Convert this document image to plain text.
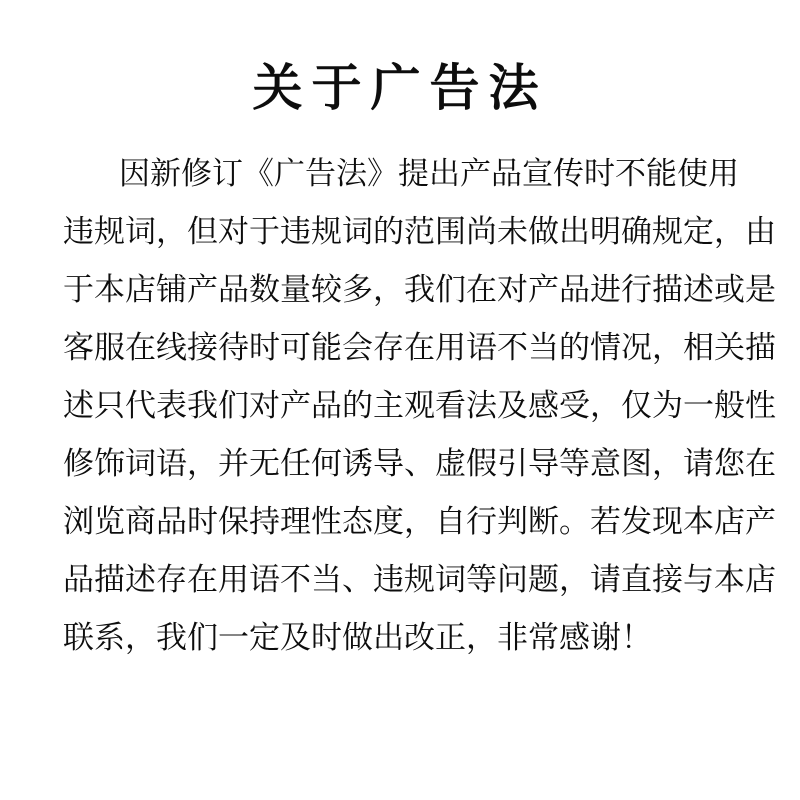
关于广告法
因新修订《广告法》提出产品宣传时不能使用
违规词，但对于违规词的范围尚未做出明确规定，由
于本店铺产品数量较多，我们在对产品进行描述或是
客服在线接待时可能会存在用语不当的情况，相关描
述只代表我们对产品的主观看法及感受，仅为一般性
修饰词语，并无任何诱导、虚假引导等意图，请您在
浏览商品时保持理性态度，自行判断。若发现本店产
品描述存在用语不当、违规词等问题，请直接与本店
联系，我们一定及时做出改正，非常感谢！
